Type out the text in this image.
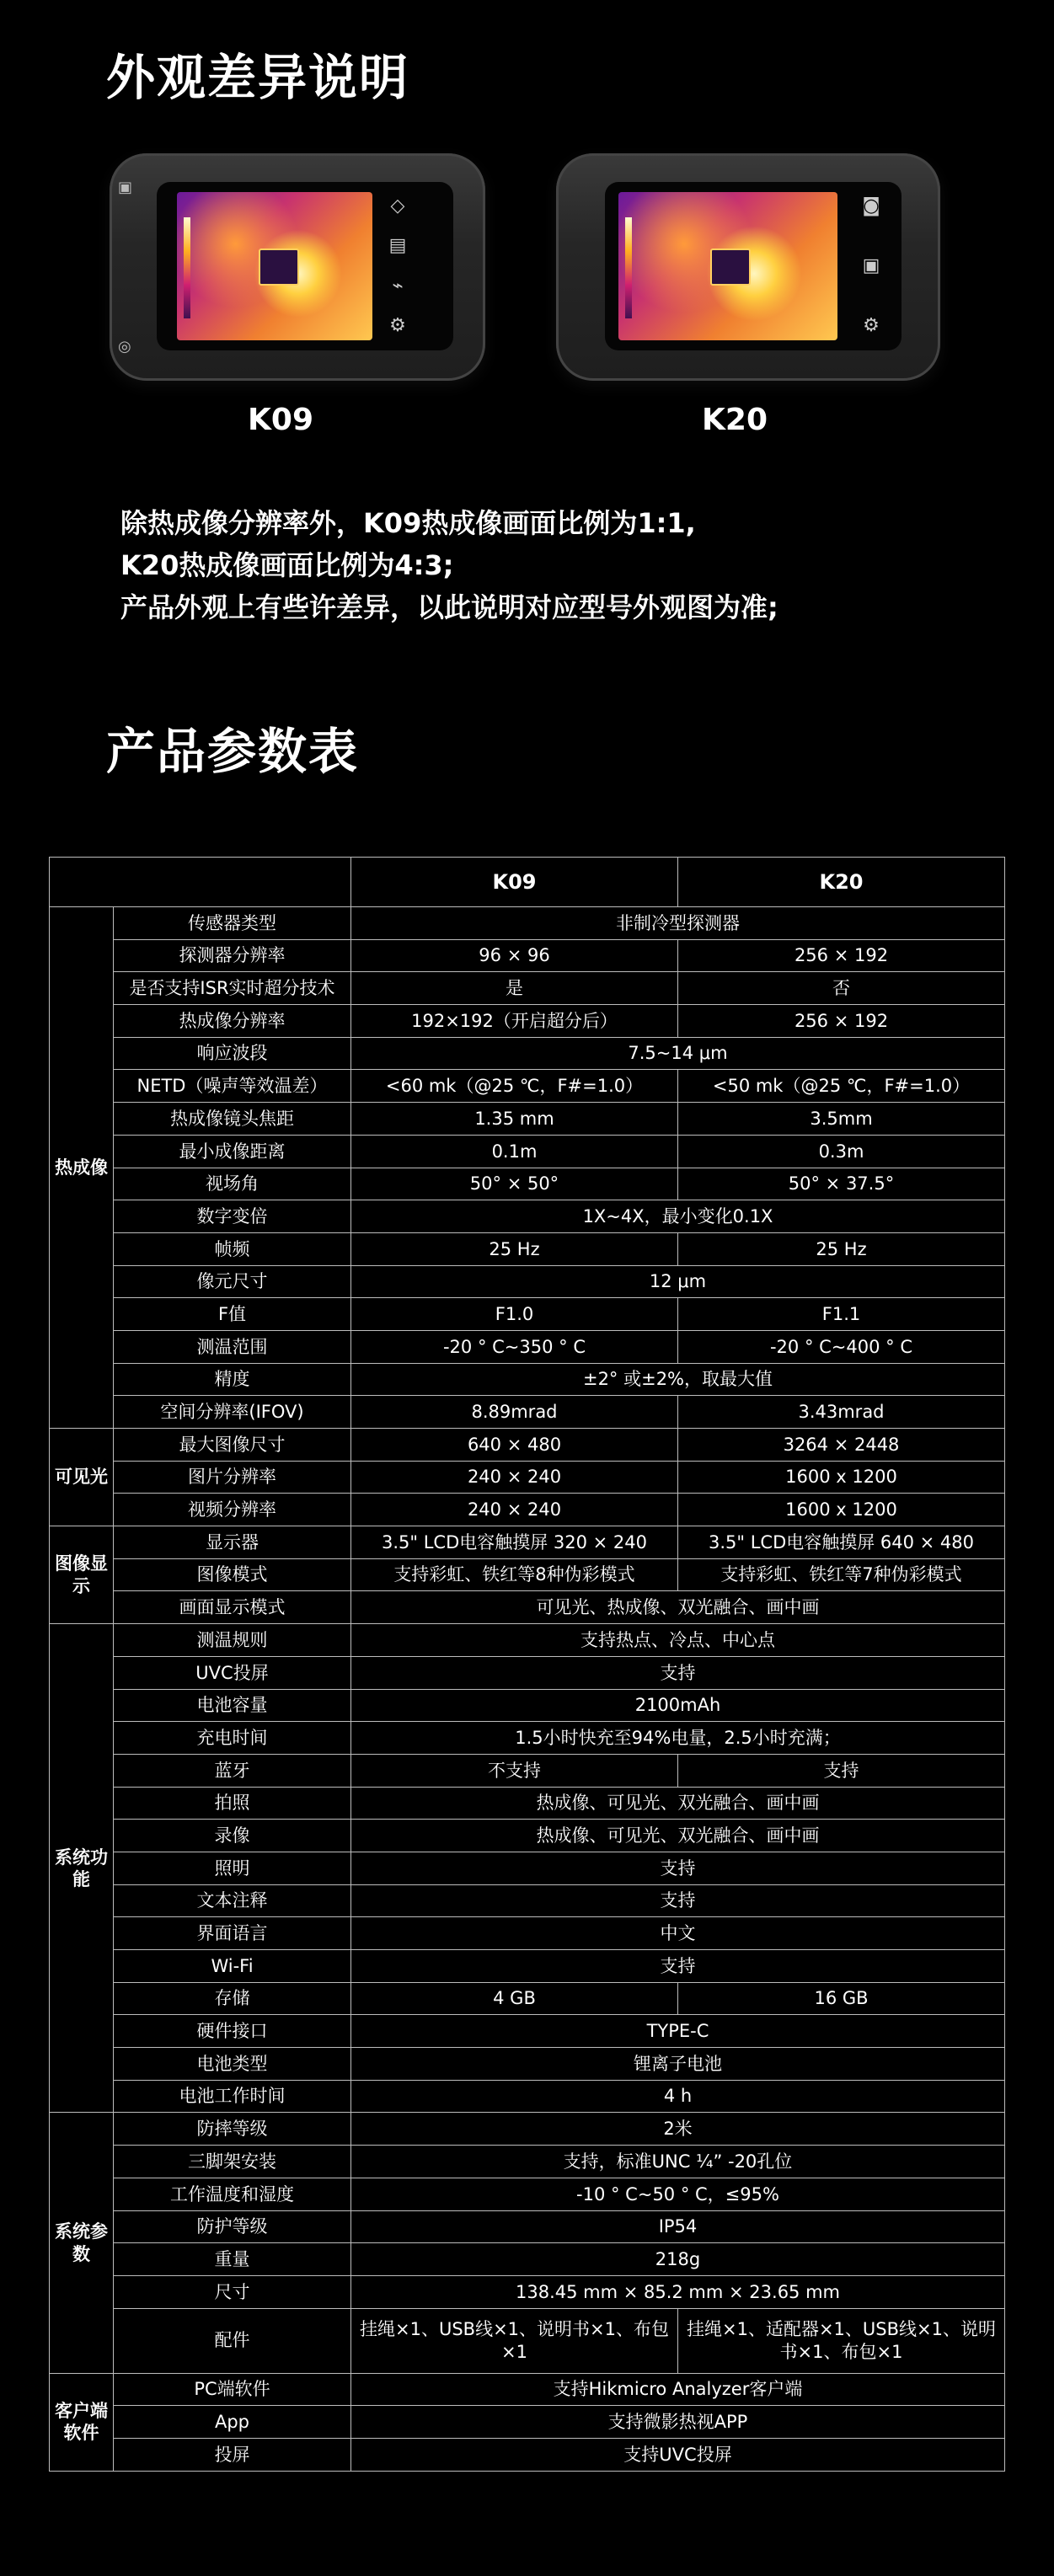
外观差异说明
▣
◎
◇
▤
⌁
⚙
◙
▣
⚙
K09	K20
除热成像分辨率外，K09热成像画面比例为1:1,
K20热成像画面比例为4:3;
产品外观上有些许差异，以此说明对应型号外观图为准;
产品参数表
		K09	K20
热成像	传感器类型	非制冷型探测器	
	探测器分辨率	96 × 96	256 × 192
	是否支持ISR实时超分技术	是	否
	热成像分辨率	192×192（开启超分后）	256 × 192
	响应波段	7.5~14 μm	
	NETD（噪声等效温差）	<60 mk（@25 ℃，F#=1.0）	<50 mk（@25 ℃，F#=1.0）
	热成像镜头焦距	1.35 mm	3.5mm
	最小成像距离	0.1m	0.3m
	视场角	50° × 50°	50° × 37.5°
	数字变倍	1X~4X，最小变化0.1X	
	帧频	25 Hz	25 Hz
	像元尺寸	12 μm	
	F值	F1.0	F1.1
	测温范围	-20 ° C~350 ° C	-20 ° C~400 ° C
	精度	±2° 或±2%，取最大值	
	空间分辨率(IFOV)	8.89mrad	3.43mrad
可见光	最大图像尺寸	640 × 480	3264 × 2448
	图片分辨率	240 × 240	1600 x 1200
	视频分辨率	240 × 240	1600 x 1200
图像显示	显示器	3.5" LCD电容触摸屏 320 × 240	3.5" LCD电容触摸屏 640 × 480
	图像模式	支持彩虹、铁红等8种伪彩模式	支持彩虹、铁红等7种伪彩模式
	画面显示模式	可见光、热成像、双光融合、画中画	
系统功能	测温规则	支持热点、冷点、中心点	
	UVC投屏	支持	
	电池容量	2100mAh	
	充电时间	1.5小时快充至94%电量，2.5小时充满；	
	蓝牙	不支持	支持
	拍照	热成像、可见光、双光融合、画中画	
	录像	热成像、可见光、双光融合、画中画	
	照明	支持	
	文本注释	支持	
	界面语言	中文	
	Wi-Fi	支持	
	存储	4 GB	16 GB
	硬件接口	TYPE-C	
	电池类型	锂离子电池	
	电池工作时间	4 h	
系统参数	防摔等级	2米	
	三脚架安装	支持，标准UNC ¼” -20孔位	
	工作温度和湿度	-10 ° C~50 ° C，≤95%	
	防护等级	IP54	
	重量	218g	
	尺寸	138.45 mm × 85.2 mm × 23.65 mm	
	配件	挂绳×1、USB线×1、说明书×1、布包×1	挂绳×1、适配器×1、USB线×1、说明书×1、布包×1
客户端软件	PC端软件	支持Hikmicro Analyzer客户端	
	App	支持微影热视APP	
	投屏	支持UVC投屏	
